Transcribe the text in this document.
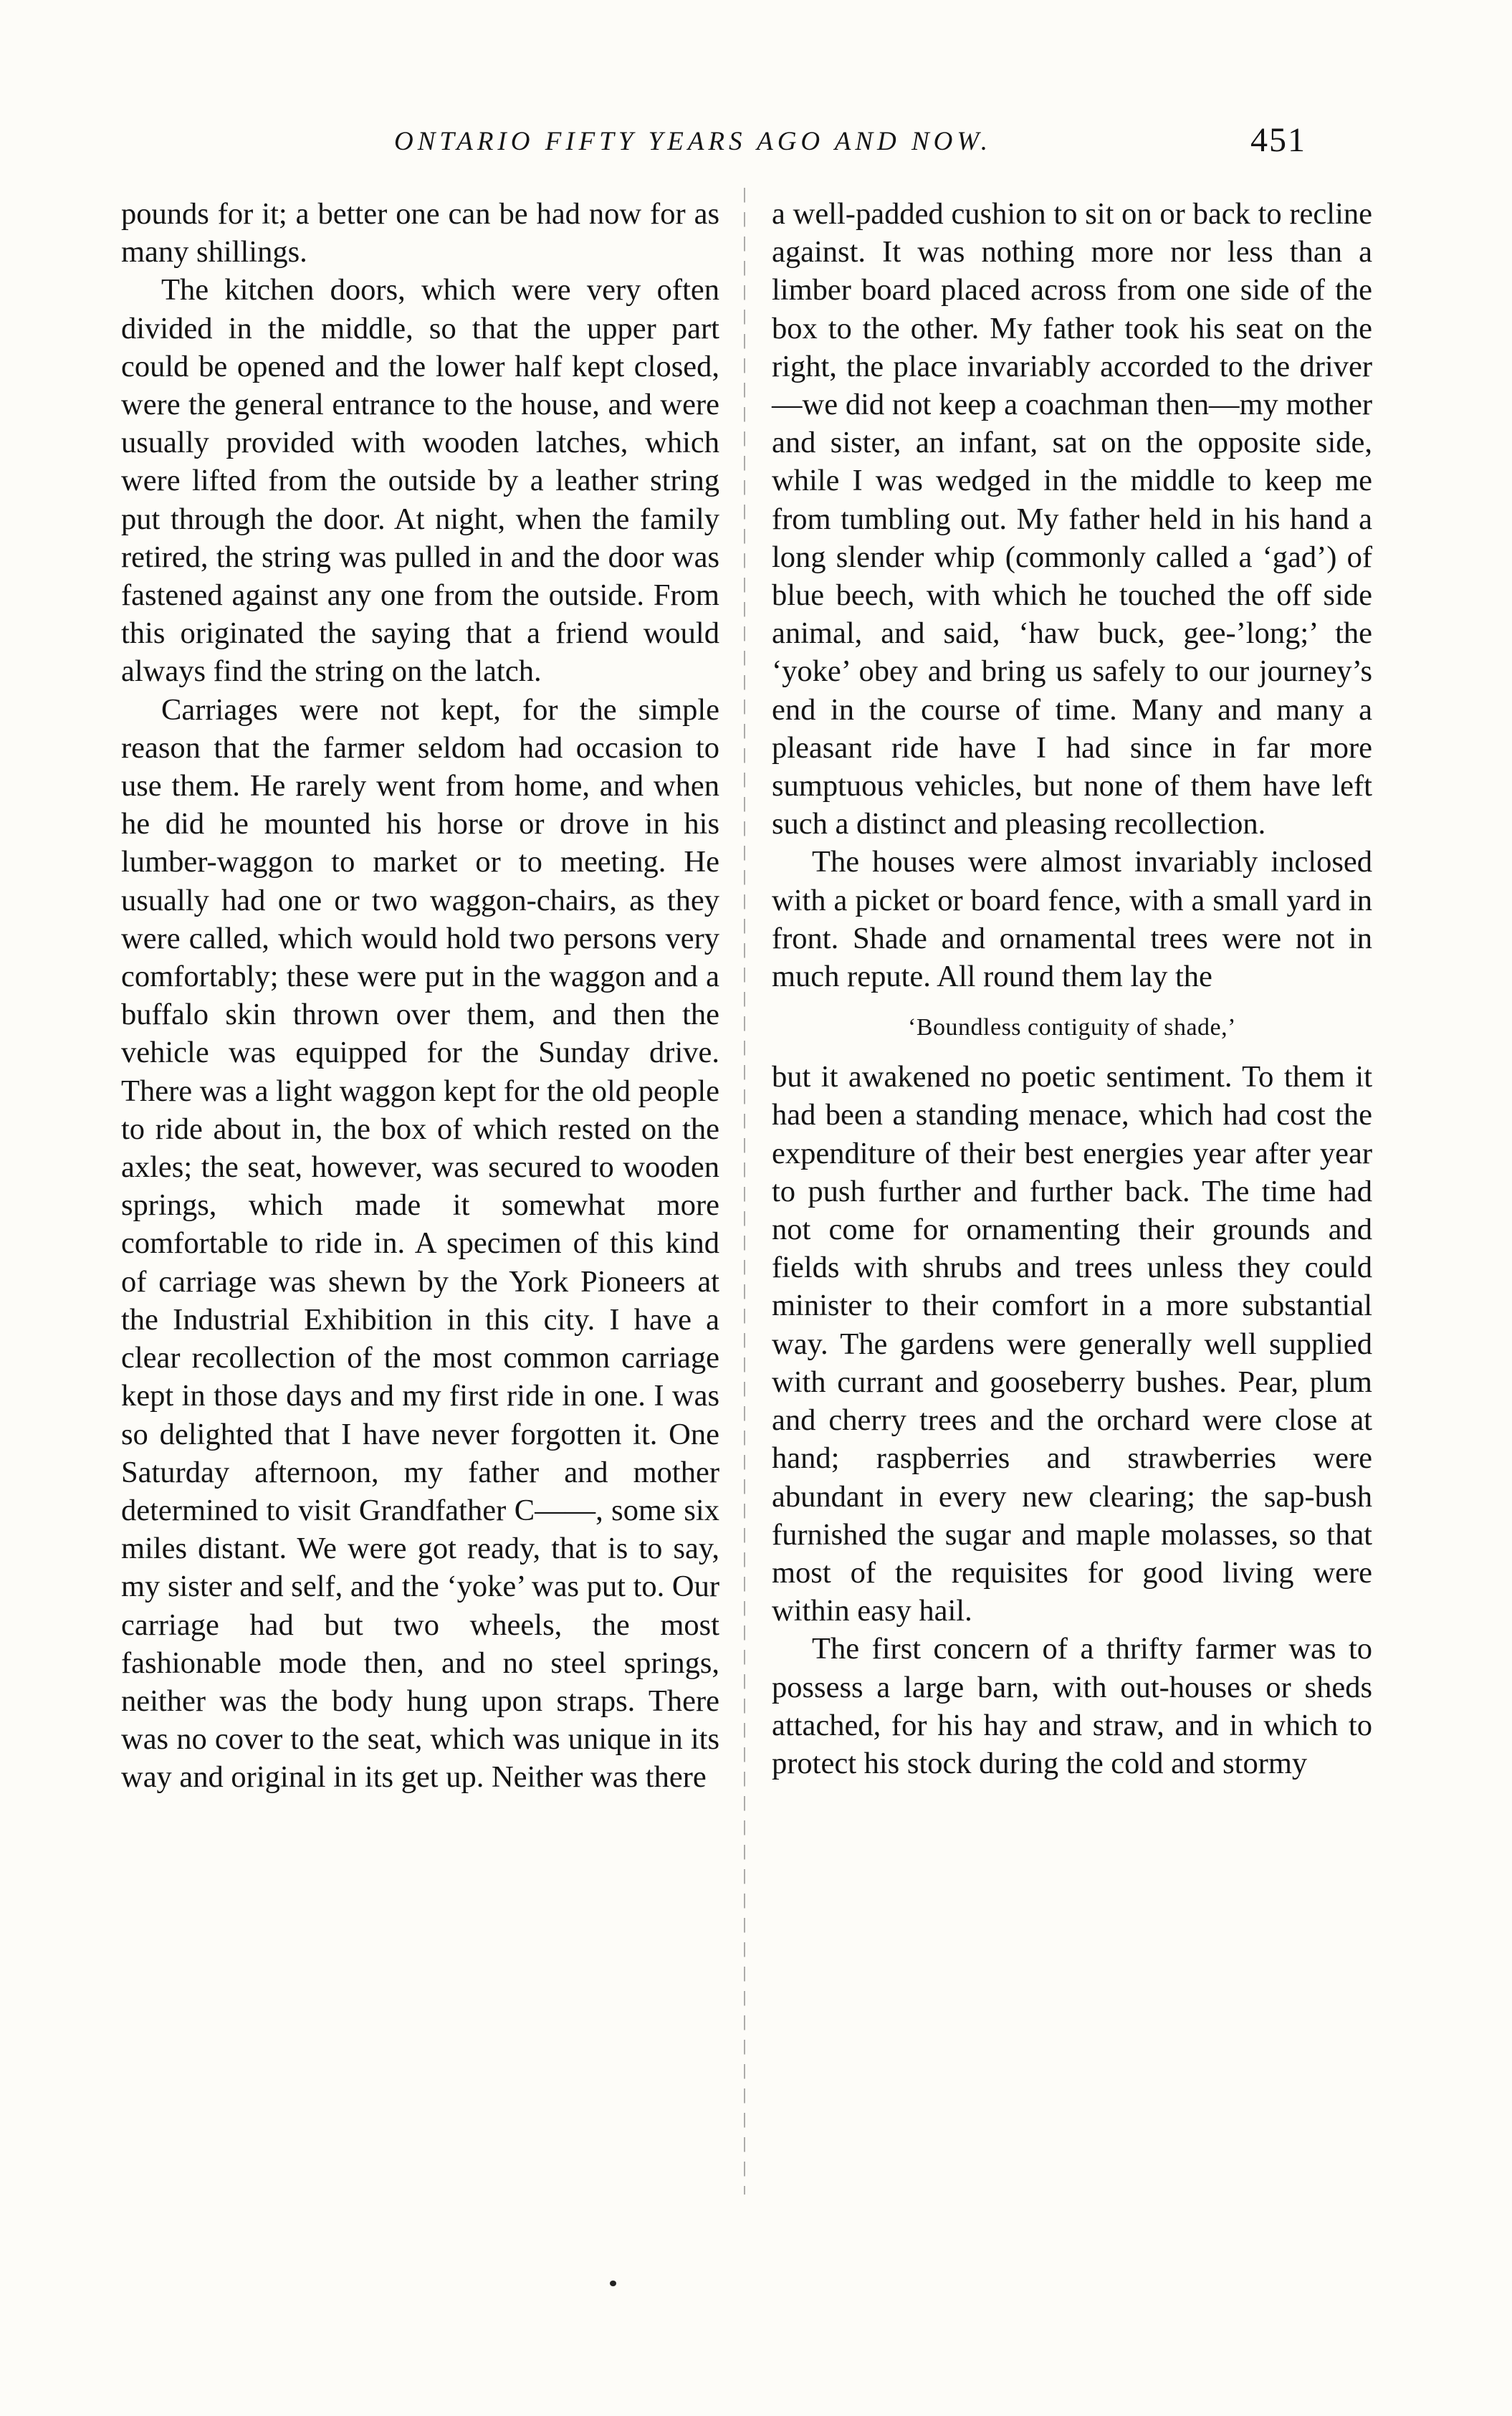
ONTARIO FIFTY YEARS AGO AND NOW.	451

pounds for it; a better one can be had now for as many shillings.

The kitchen doors, which were very often divided in the middle, so that the upper part could be opened and the lower half kept closed, were the general entrance to the house, and were usually provided with wooden latches, which were lifted from the outside by a leather string put through the door. At night, when the family retired, the string was pulled in and the door was fastened against any one from the outside. From this originated the saying that a friend would always find the string on the latch.

Carriages were not kept, for the simple reason that the farmer seldom had occasion to use them. He rarely went from home, and when he did he mounted his horse or drove in his lumber-waggon to market or to meeting. He usually had one or two waggon-chairs, as they were called, which would hold two persons very comfortably; these were put in the waggon and a buffalo skin thrown over them, and then the vehicle was equipped for the Sunday drive. There was a light waggon kept for the old people to ride about in, the box of which rested on the axles; the seat, however, was secured to wooden springs, which made it somewhat more comfortable to ride in. A specimen of this kind of carriage was shewn by the York Pioneers at the Industrial Exhibition in this city. I have a clear recollection of the most common carriage kept in those days and my first ride in one. I was so delighted that I have never forgotten it. One Saturday afternoon, my father and mother determined to visit Grandfather C——, some six miles distant. We were got ready, that is to say, my sister and self, and the ‘yoke’ was put to. Our carriage had but two wheels, the most fashionable mode then, and no steel springs, neither was the body hung upon straps. There was no cover to the seat, which was unique in its way and original in its get up. Neither was there

a well-padded cushion to sit on or back to recline against. It was nothing more nor less than a limber board placed across from one side of the box to the other. My father took his seat on the right, the place invariably accorded to the driver—we did not keep a coachman then—my mother and sister, an infant, sat on the opposite side, while I was wedged in the middle to keep me from tumbling out. My father held in his hand a long slender whip (commonly called a ‘gad’) of blue beech, with which he touched the off side animal, and said, ‘haw buck, gee-’long;’ the ‘yoke’ obey and bring us safely to our journey’s end in the course of time. Many and many a pleasant ride have I had since in far more sumptuous vehicles, but none of them have left such a distinct and pleasing recollection.

The houses were almost invariably inclosed with a picket or board fence, with a small yard in front. Shade and ornamental trees were not in much repute. All round them lay the

‘Boundless contiguity of shade,’

but it awakened no poetic sentiment. To them it had been a standing menace, which had cost the expenditure of their best energies year after year to push further and further back. The time had not come for ornamenting their grounds and fields with shrubs and trees unless they could minister to their comfort in a more substantial way. The gardens were generally well supplied with currant and gooseberry bushes. Pear, plum and cherry trees and the orchard were close at hand; raspberries and strawberries were abundant in every new clearing; the sap-bush furnished the sugar and maple molasses, so that most of the requisites for good living were within easy hail.

The first concern of a thrifty farmer was to possess a large barn, with out-houses or sheds attached, for his hay and straw, and in which to protect his stock during the cold and stormy
